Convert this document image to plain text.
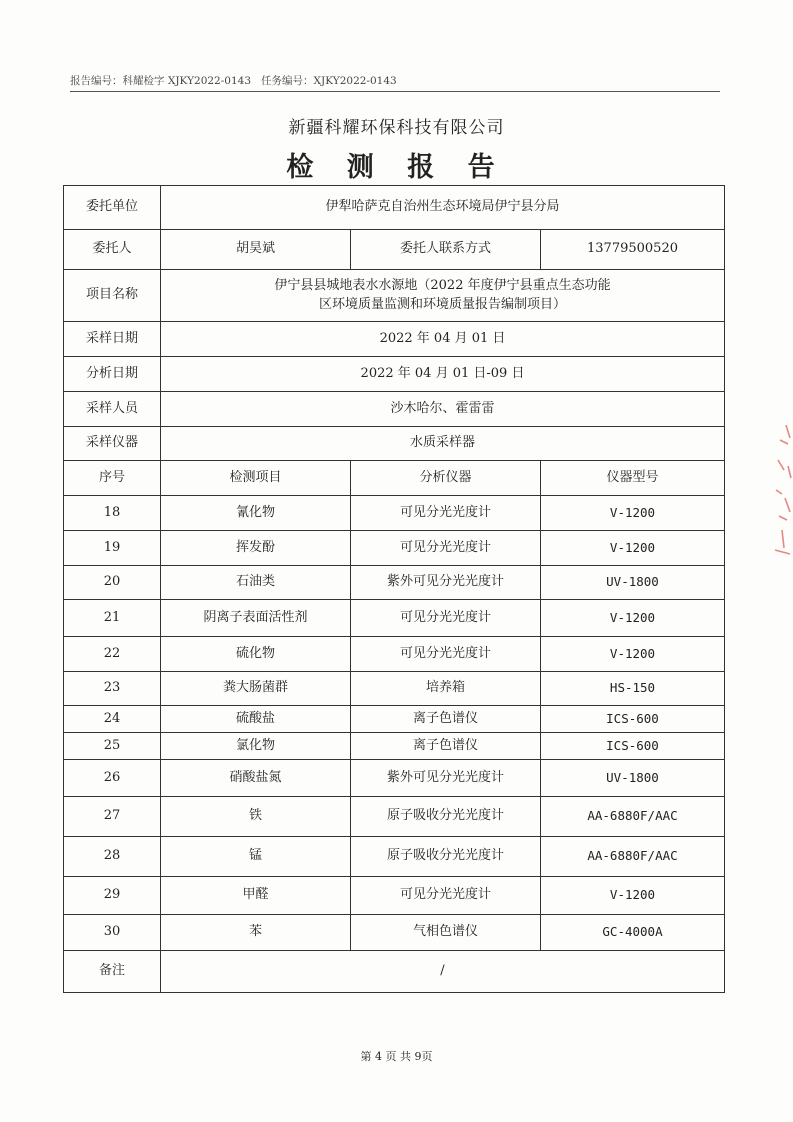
报告编号：科耀检字 XJKY2022-0143 任务编号：XJKY2022-0143
新疆科耀环保科技有限公司
检 测 报 告
委托单位	伊犁哈萨克自治州生态环境局伊宁县分局		
委托人	胡昊斌	委托人联系方式	13779500520
项目名称	伊宁县县城地表水水源地（2022 年度伊宁县重点生态功能
区环境质量监测和环境质量报告编制项目）		

采样日期	2022 年 04 月 01 日		
分析日期	2022 年 04 月 01 日-09 日		
采样人员	沙木哈尔、霍雷雷		
采样仪器	水质采样器		
序号	检测项目	分析仪器	仪器型号
18	氰化物	可见分光光度计	V-1200
19	挥发酚	可见分光光度计	V-1200
20	石油类	紫外可见分光光度计	UV-1800
21	阴离子表面活性剂	可见分光光度计	V-1200
22	硫化物	可见分光光度计	V-1200
23	粪大肠菌群	培养箱	HS-150
24	硫酸盐	离子色谱仪	ICS-600
25	氯化物	离子色谱仪	ICS-600
26	硝酸盐氮	紫外可见分光光度计	UV-1800
27	铁	原子吸收分光光度计	AA-6880F/AAC
28	锰	原子吸收分光光度计	AA-6880F/AAC
29	甲醛	可见分光光度计	V-1200
30	苯	气相色谱仪	GC-4000A
备注	/		
第 4 页 共 9页
